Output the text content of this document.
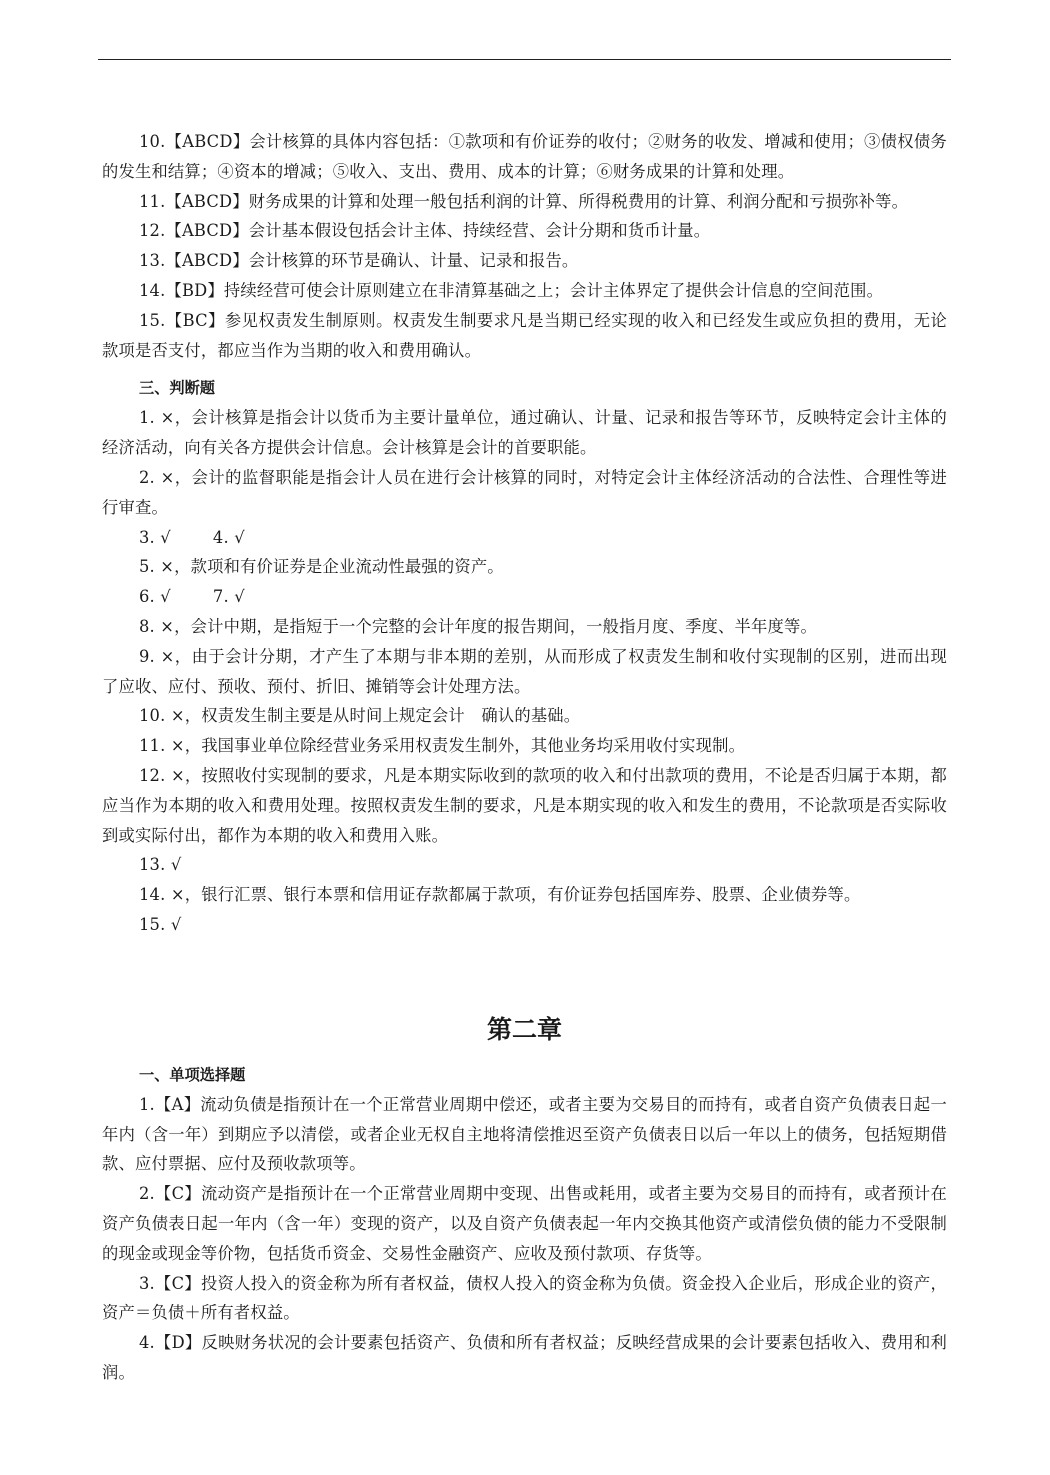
10.【ABCD】会计核算的具体内容包括：①款项和有价证券的收付；②财务的收发、增减和使用；③债权债务的发生和结算；④资本的增减；⑤收入、支出、费用、成本的计算；⑥财务成果的计算和处理。

11.【ABCD】财务成果的计算和处理一般包括利润的计算、所得税费用的计算、利润分配和亏损弥补等。

12.【ABCD】会计基本假设包括会计主体、持续经营、会计分期和货币计量。

13.【ABCD】会计核算的环节是确认、计量、记录和报告。

14.【BD】持续经营可使会计原则建立在非清算基础之上；会计主体界定了提供会计信息的空间范围。

15.【BC】参见权责发生制原则。权责发生制要求凡是当期已经实现的收入和已经发生或应负担的费用，无论款项是否支付，都应当作为当期的收入和费用确认。

三、判断题

1. ×，会计核算是指会计以货币为主要计量单位，通过确认、计量、记录和报告等环节，反映特定会计主体的经济活动，向有关各方提供会计信息。会计核算是会计的首要职能。

2. ×，会计的监督职能是指会计人员在进行会计核算的同时，对特定会计主体经济活动的合法性、合理性等进行审查。

3. √	4. √

5. ×，款项和有价证券是企业流动性最强的资产。

6. √	7. √

8. ×，会计中期，是指短于一个完整的会计年度的报告期间，一般指月度、季度、半年度等。

9. ×，由于会计分期，才产生了本期与非本期的差别，从而形成了权责发生制和收付实现制的区别，进而出现了应收、应付、预收、预付、折旧、摊销等会计处理方法。

10. ×，权责发生制主要是从时间上规定会计　确认的基础。

11. ×，我国事业单位除经营业务采用权责发生制外，其他业务均采用收付实现制。

12. ×，按照收付实现制的要求，凡是本期实际收到的款项的收入和付出款项的费用，不论是否归属于本期，都应当作为本期的收入和费用处理。按照权责发生制的要求，凡是本期实现的收入和发生的费用，不论款项是否实际收到或实际付出，都作为本期的收入和费用入账。

13. √

14. ×，银行汇票、银行本票和信用证存款都属于款项，有价证券包括国库券、股票、企业债券等。

15. √

第二章

一、单项选择题

1.【A】流动负债是指预计在一个正常营业周期中偿还，或者主要为交易目的而持有，或者自资产负债表日起一年内（含一年）到期应予以清偿，或者企业无权自主地将清偿推迟至资产负债表日以后一年以上的债务，包括短期借款、应付票据、应付及预收款项等。

2.【C】流动资产是指预计在一个正常营业周期中变现、出售或耗用，或者主要为交易目的而持有，或者预计在资产负债表日起一年内（含一年）变现的资产，以及自资产负债表起一年内交换其他资产或清偿负债的能力不受限制的现金或现金等价物，包括货币资金、交易性金融资产、应收及预付款项、存货等。

3.【C】投资人投入的资金称为所有者权益，债权人投入的资金称为负债。资金投入企业后，形成企业的资产，资产＝负债＋所有者权益。

4.【D】反映财务状况的会计要素包括资产、负债和所有者权益；反映经营成果的会计要素包括收入、费用和利润。
